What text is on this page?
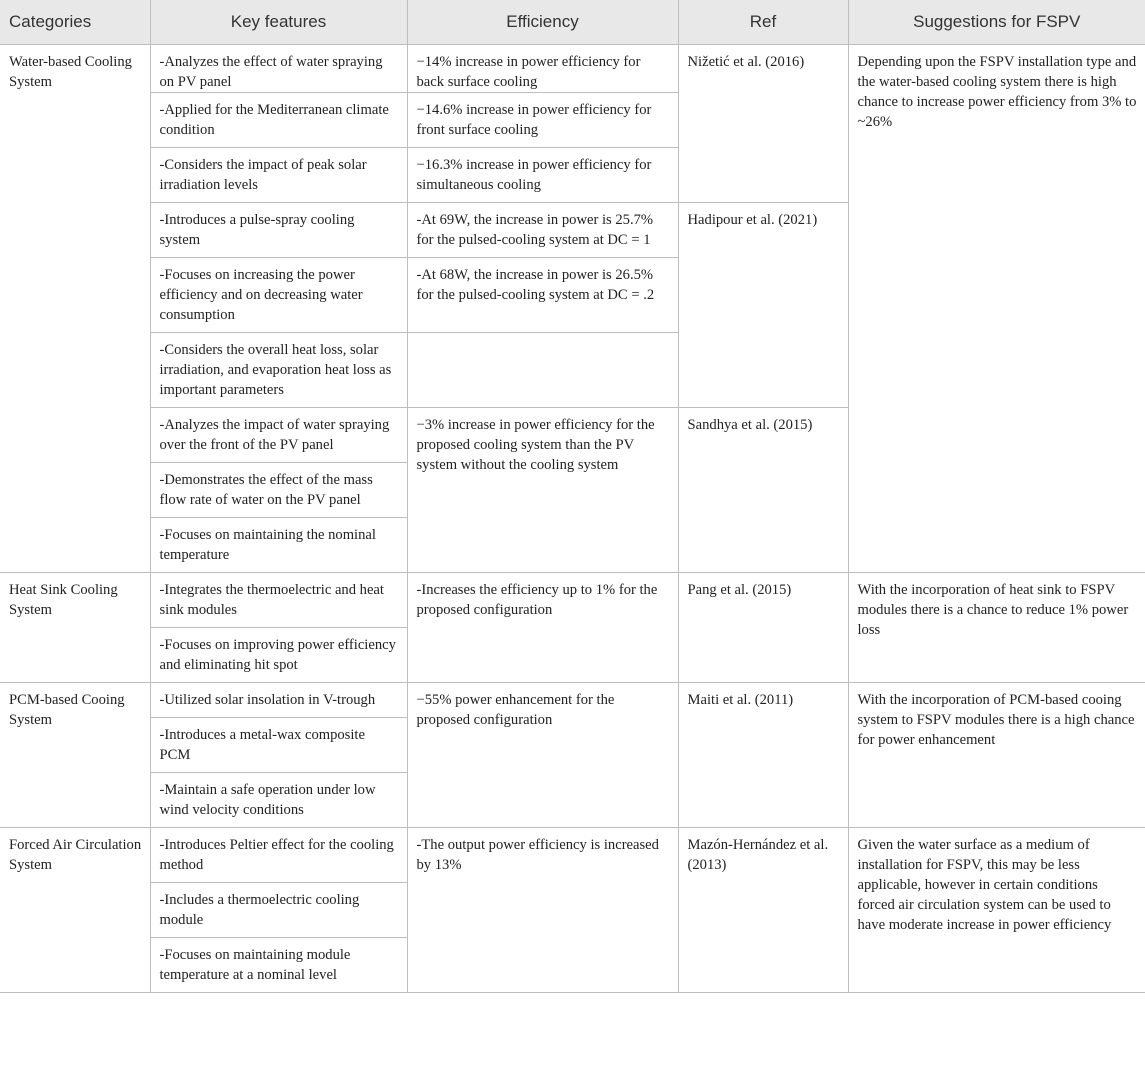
Categories	Key features	Efficiency	Ref	Suggestions for FSPV
Water-based Cooling System	-Analyzes the effect of water spraying on PV panel	−14% increase in power efficiency for back surface cooling	Nižetić et al. (2016)	Depending upon the FSPV installation type and the water-based cooling system there is high chance to increase power efficiency from 3% to ~26%
	-Applied for the Mediterranean climate condition	−14.6% increase in power efficiency for front surface cooling		
	-Considers the impact of peak solar irradiation levels	−16.3% increase in power efficiency for simultaneous cooling		
	-Introduces a pulse-spray cooling system	-At 69W, the increase in power is 25.7% for the pulsed-cooling system at DC = 1	Hadipour et al. (2021)	
	-Focuses on increasing the power efficiency and on decreasing water consumption	-At 68W, the increase in power is 26.5% for the pulsed-cooling system at DC = .2		
	-Considers the overall heat loss, solar irradiation, and evaporation heat loss as important parameters			
	-Analyzes the impact of water spraying over the front of the PV panel	−3% increase in power efficiency for the proposed cooling system than the PV system without the cooling system	Sandhya et al. (2015)	
	-Demonstrates the effect of the mass flow rate of water on the PV panel			
	-Focuses on maintaining the nominal temperature			
Heat Sink Cooling System	-Integrates the thermoelectric and heat sink modules	-Increases the efficiency up to 1% for the proposed configuration	Pang et al. (2015)	With the incorporation of heat sink to FSPV modules there is a chance to reduce 1% power loss
	-Focuses on improving power efficiency and eliminating hit spot			
PCM-based Cooing System	-Utilized solar insolation in V-trough	−55% power enhancement for the proposed configuration	Maiti et al. (2011)	With the incorporation of PCM-based cooing system to FSPV modules there is a high chance for power enhancement
	-Introduces a metal-wax composite PCM			
	-Maintain a safe operation under low wind velocity conditions			
Forced Air Circulation System	-Introduces Peltier effect for the cooling method	-The output power efficiency is increased by 13%	Mazón-Hernández et al. (2013)	Given the water surface as a medium of installation for FSPV, this may be less applicable, however in certain conditions forced air circulation system can be used to have moderate increase in power efficiency
	-Includes a thermoelectric cooling module			
	-Focuses on maintaining module temperature at a nominal level			
